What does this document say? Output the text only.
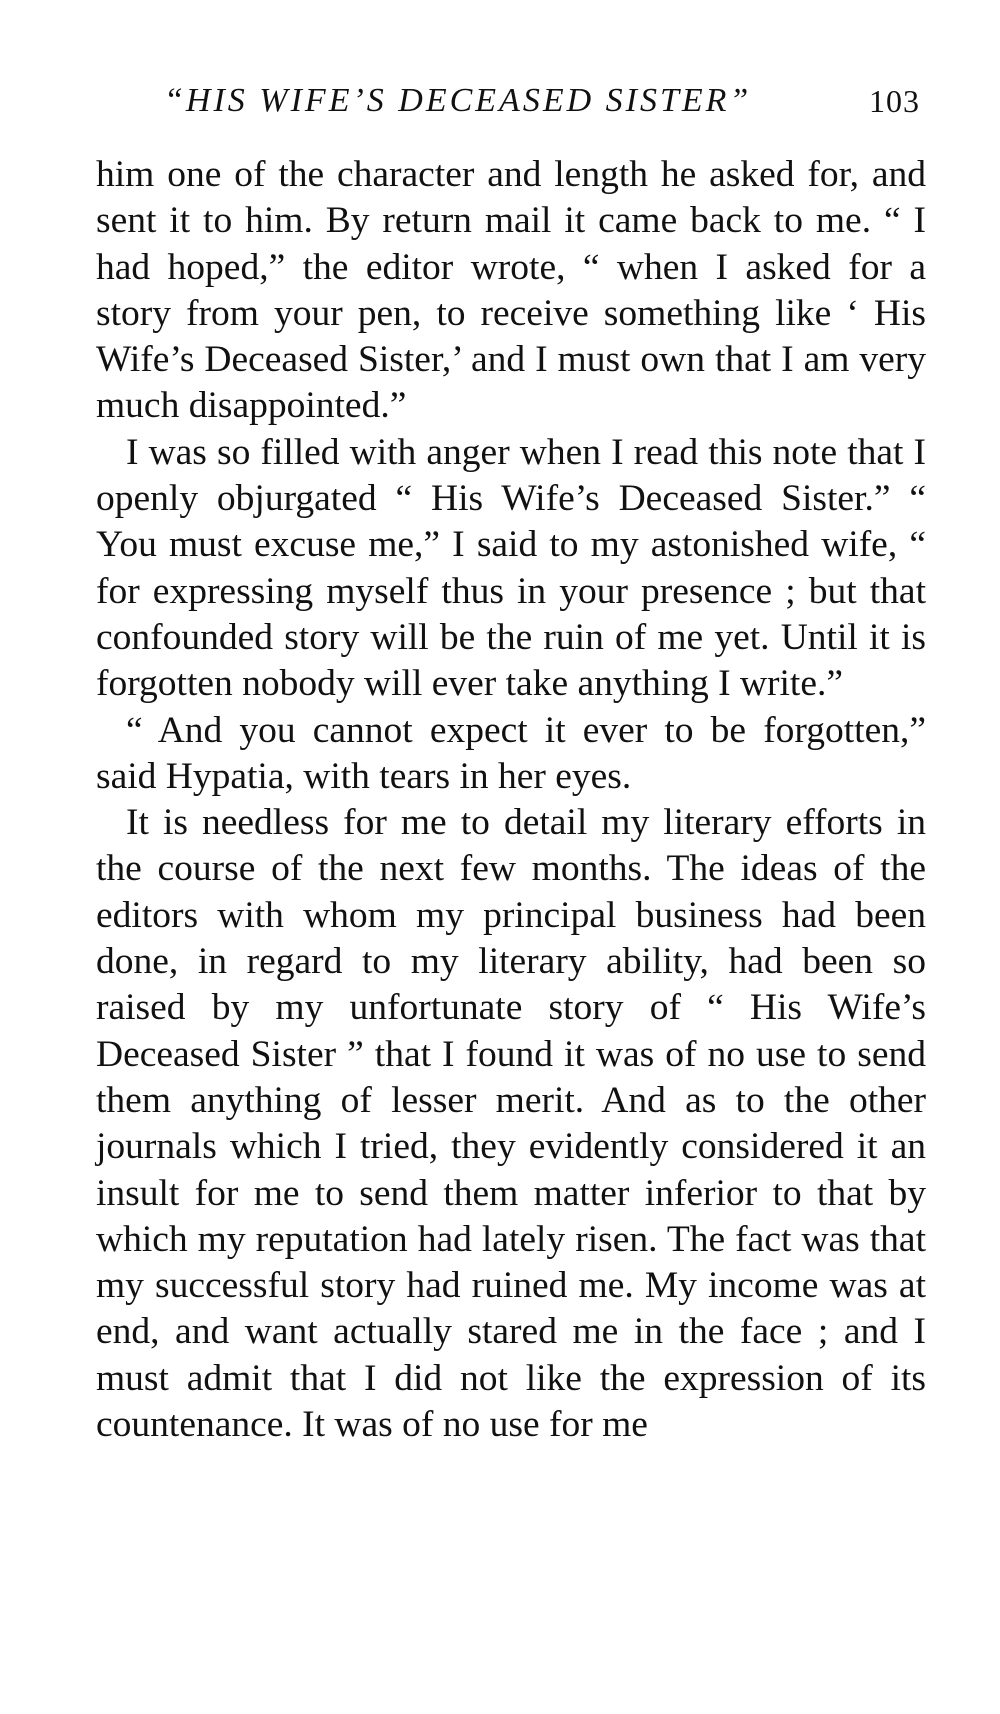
“HIS WIFE’S DECEASED SISTER”	103

him one of the character and length he asked for, and sent it to him. By return mail it came back to me. “ I had hoped,” the editor wrote, “ when I asked for a story from your pen, to receive something like ‘ His Wife’s Deceased Sister,’ and I must own that I am very much disappointed.”

I was so filled with anger when I read this note that I openly objurgated “ His Wife’s Deceased Sister.” “ You must excuse me,” I said to my astonished wife, “ for expressing myself thus in your presence ; but that confounded story will be the ruin of me yet. Until it is forgotten nobody will ever take anything I write.”

“ And you cannot expect it ever to be forgotten,” said Hypatia, with tears in her eyes.

It is needless for me to detail my literary efforts in the course of the next few months. The ideas of the editors with whom my principal business had been done, in regard to my literary ability, had been so raised by my unfortunate story of “ His Wife’s Deceased Sister ” that I found it was of no use to send them anything of lesser merit. And as to the other journals which I tried, they evidently considered it an insult for me to send them matter inferior to that by which my reputation had lately risen. The fact was that my successful story had ruined me. My income was at end, and want actually stared me in the face ; and I must admit that I did not like the expression of its countenance. It was of no use for me
